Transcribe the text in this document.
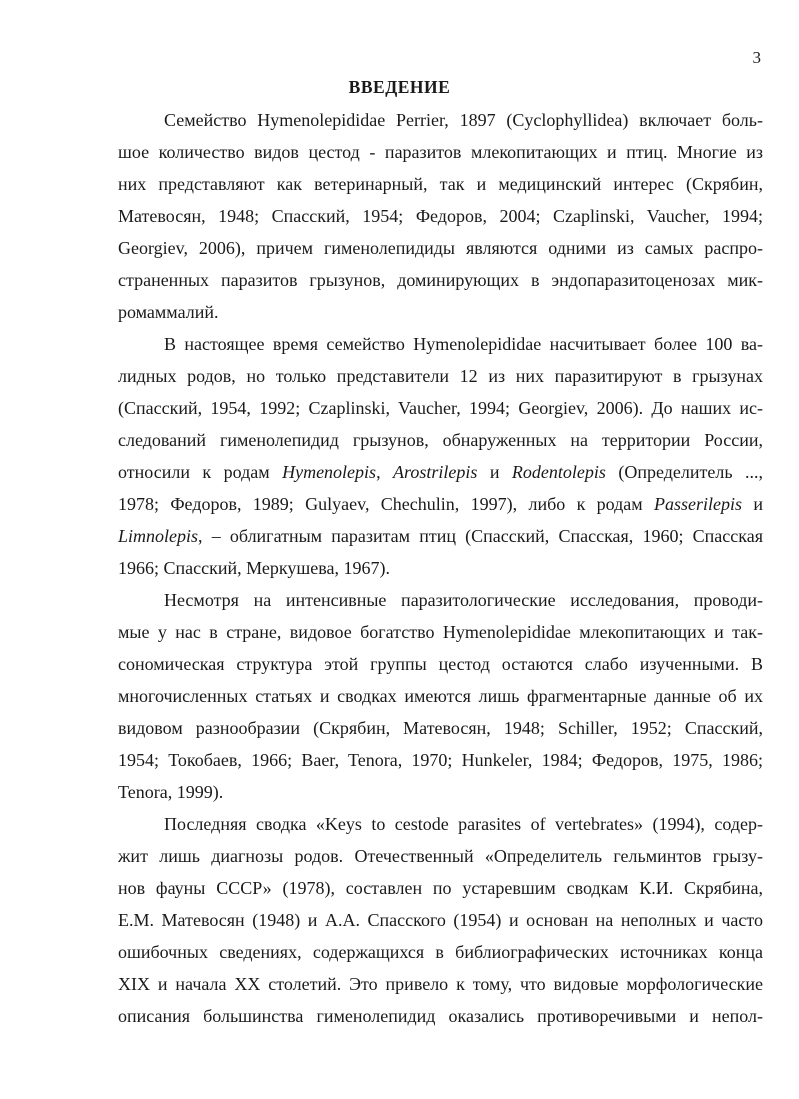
3
ВВЕДЕНИЕ
Семейство Hymenolepididae Perrier, 1897 (Cyclophyllidea) включает боль-
шое количество видов цестод - паразитов млекопитающих и птиц. Многие из
них представляют как ветеринарный, так и медицинский интерес (Скрябин,
Матевосян, 1948; Спасский, 1954; Федоров, 2004; Czaplinski, Vaucher, 1994;
Georgiev, 2006), причем гименолепидиды являются одними из самых распро-
страненных паразитов грызунов, доминирующих в эндопаразитоценозах мик-
ромаммалий.
В настоящее время семейство Hymenolepididae насчитывает более 100 ва-
лидных родов, но только представители 12 из них паразитируют в грызунах
(Спасский, 1954, 1992; Czaplinski, Vaucher, 1994; Georgiev, 2006). До наших ис-
следований гименолепидид грызунов, обнаруженных на территории России,
относили к родам Hymenolepis, Arostrilepis и Rodentolepis (Определитель ...,
1978; Федоров, 1989; Gulyaev, Chechulin, 1997), либо к родам Passerilepis и
Limnolepis, – облигатным паразитам птиц (Спасский, Спасская, 1960; Спасская
1966; Спасский, Меркушева, 1967).
Несмотря на интенсивные паразитологические исследования, проводи-
мые у нас в стране, видовое богатство Hymenolepididae млекопитающих и так-
сономическая структура этой группы цестод остаются слабо изученными. В
многочисленных статьях и сводках имеются лишь фрагментарные данные об их
видовом разнообразии (Скрябин, Матевосян, 1948; Schiller, 1952; Спасский,
1954; Токобаев, 1966; Baer, Tenora, 1970; Hunkeler, 1984; Федоров, 1975, 1986;
Tenora, 1999).
Последняя сводка «Keys to cestode parasites of vertebrates» (1994), содер-
жит лишь диагнозы родов. Отечественный «Определитель гельминтов грызу-
нов фауны СССР» (1978), составлен по устаревшим сводкам К.И. Скрябина,
Е.М. Матевосян (1948) и А.А. Спасского (1954) и основан на неполных и часто
ошибочных сведениях, содержащихся в библиографических источниках конца
XIX и начала XX столетий. Это привело к тому, что видовые морфологические
описания большинства гименолепидид оказались противоречивыми и непол-
